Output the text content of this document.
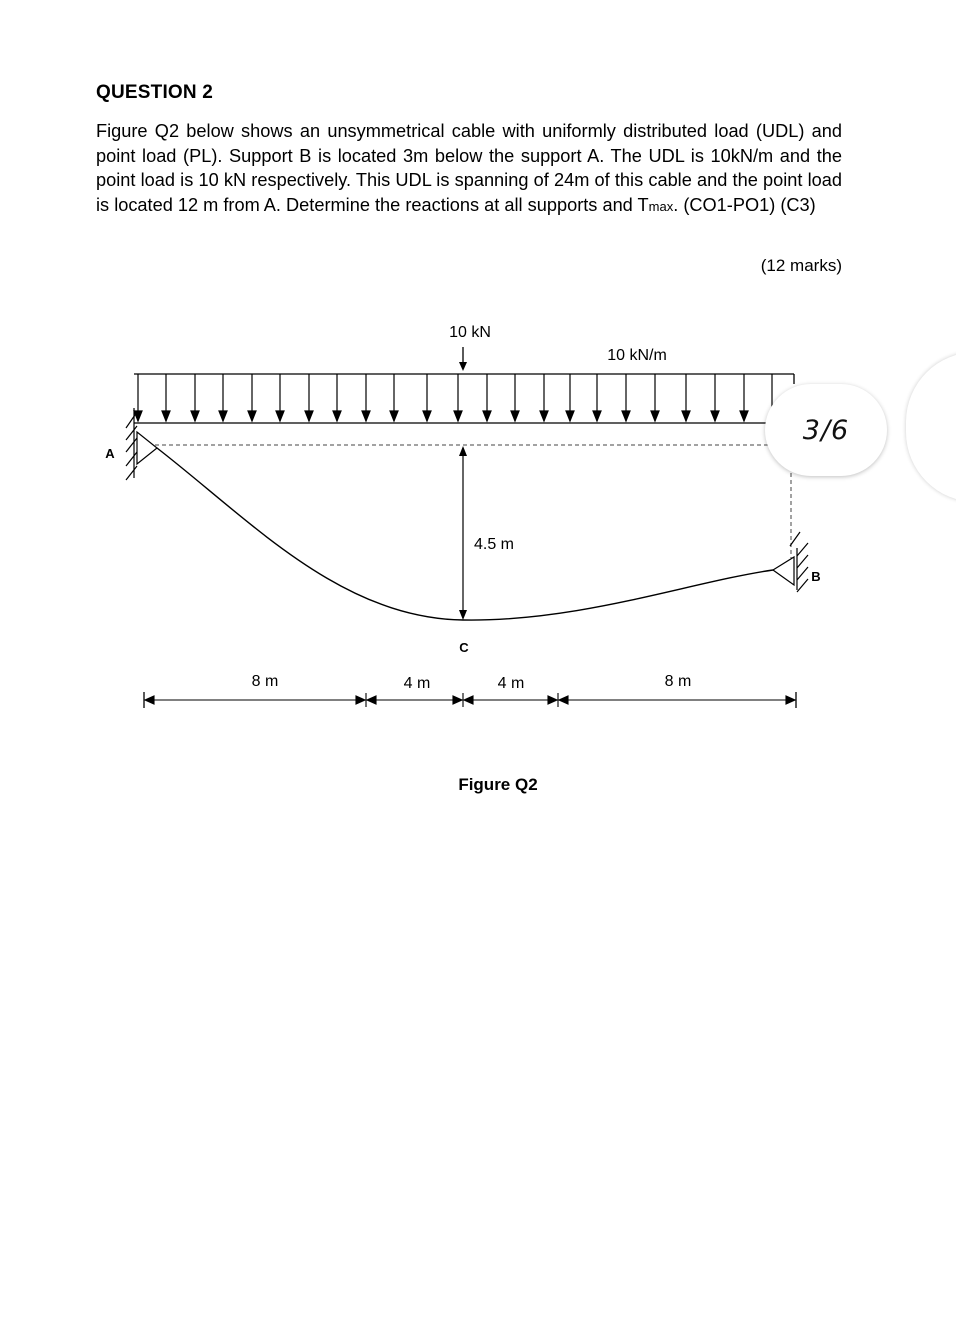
QUESTION 2

Figure Q2 below shows an unsymmetrical cable with uniformly distributed load (UDL) and point load (PL). Support B is located 3m below the support A. The UDL is 10kN/m and the point load is 10 kN respectively. This UDL is spanning of 24m of this cable and the point load is located 12 m from A. Determine the reactions at all supports and Tmax. (CO1-PO1) (C3)

(12 marks)
10 kN
10 kN/m
A
B
4.5 m
C
8 m	4 m	4 m	8 m
Figure Q2
3/6
